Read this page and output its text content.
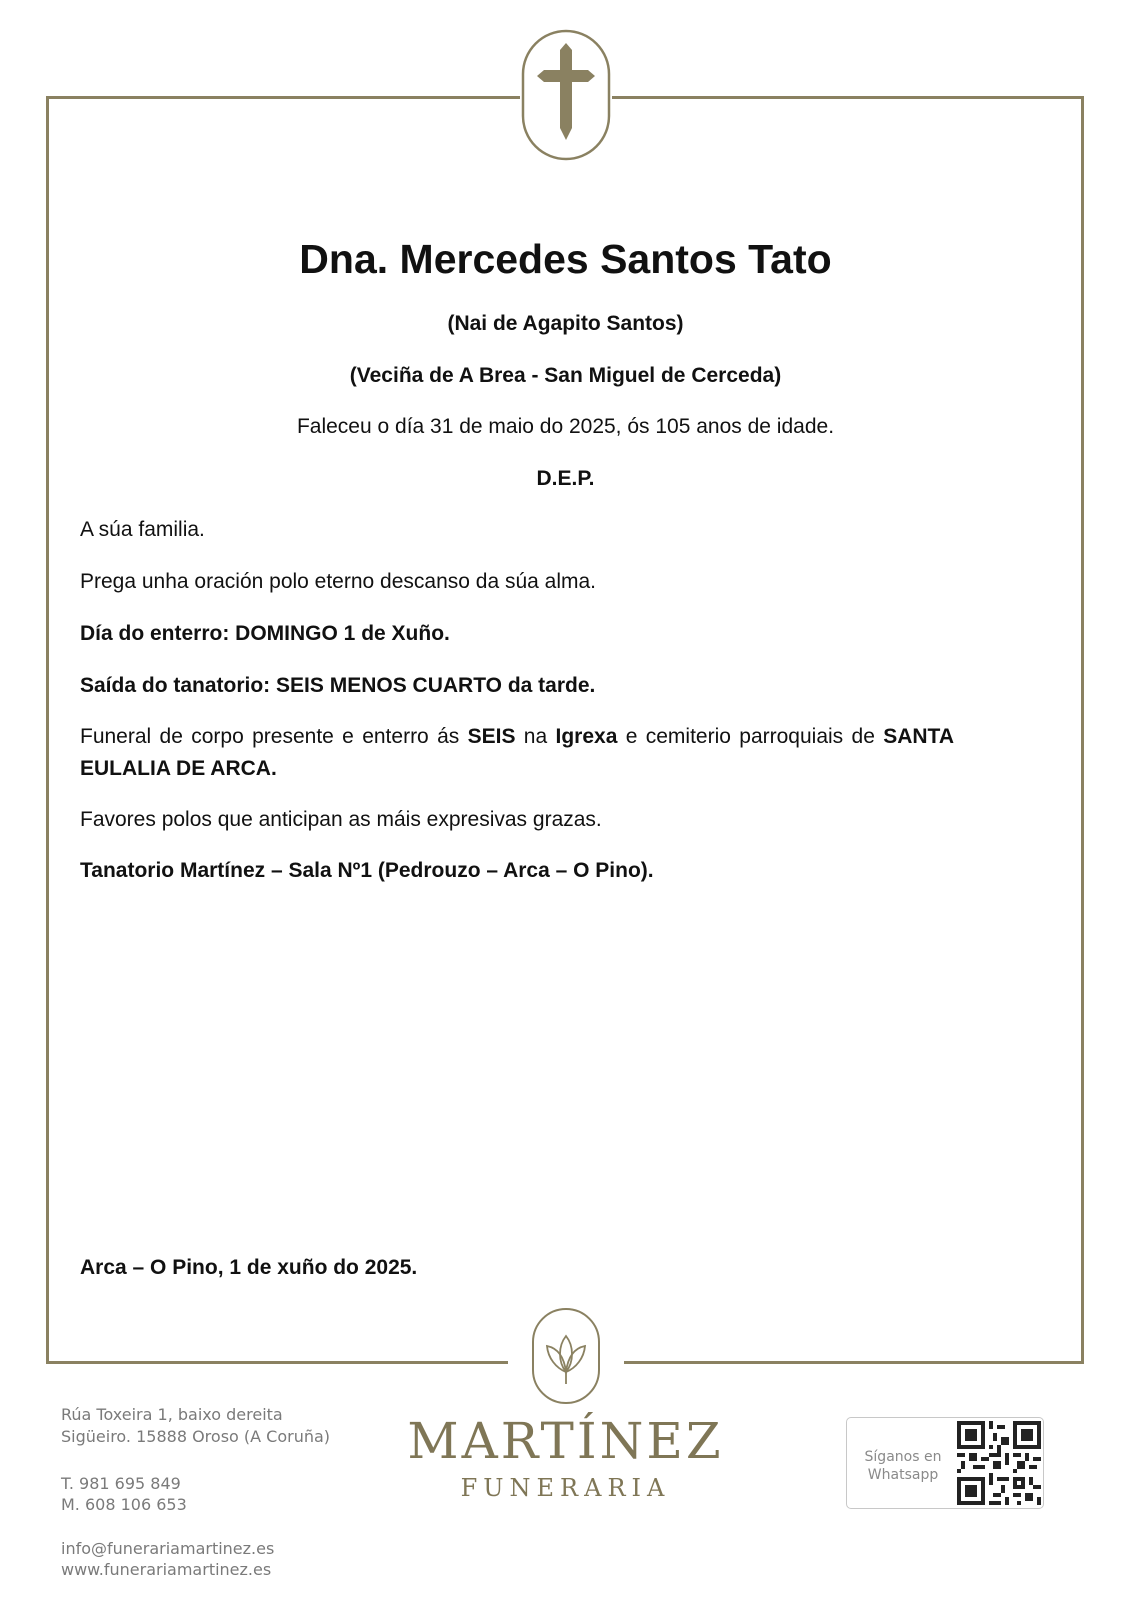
Dna. Mercedes Santos Tato
(Nai de Agapito Santos)
(Veciña de A Brea - San Miguel de Cerceda)
Faleceu o día 31 de maio do 2025, ós 105 anos de idade.
D.E.P.
A súa familia.
Prega unha oración polo eterno descanso da súa alma.
Día do enterro: DOMINGO 1 de Xuño.
Saída do tanatorio: SEIS MENOS CUARTO da tarde.
Funeral de corpo presente e enterro ás SEIS na Igrexa e cemiterio parroquiais de SANTA EULALIA DE ARCA.
Favores polos que anticipan as máis expresivas grazas.
Tanatorio Martínez – Sala Nº1 (Pedrouzo – Arca – O Pino).
Arca – O Pino, 1 de xuño do 2025.
Rúa Toxeira 1, baixo dereita
Sigüeiro. 15888 Oroso (A Coruña)
T. 981 695 849
M. 608 106 653
info@funerariamartinez.es
www.funerariamartinez.es
MARTÍNEZ
FUNERARIA
Síganos en
Whatsapp
